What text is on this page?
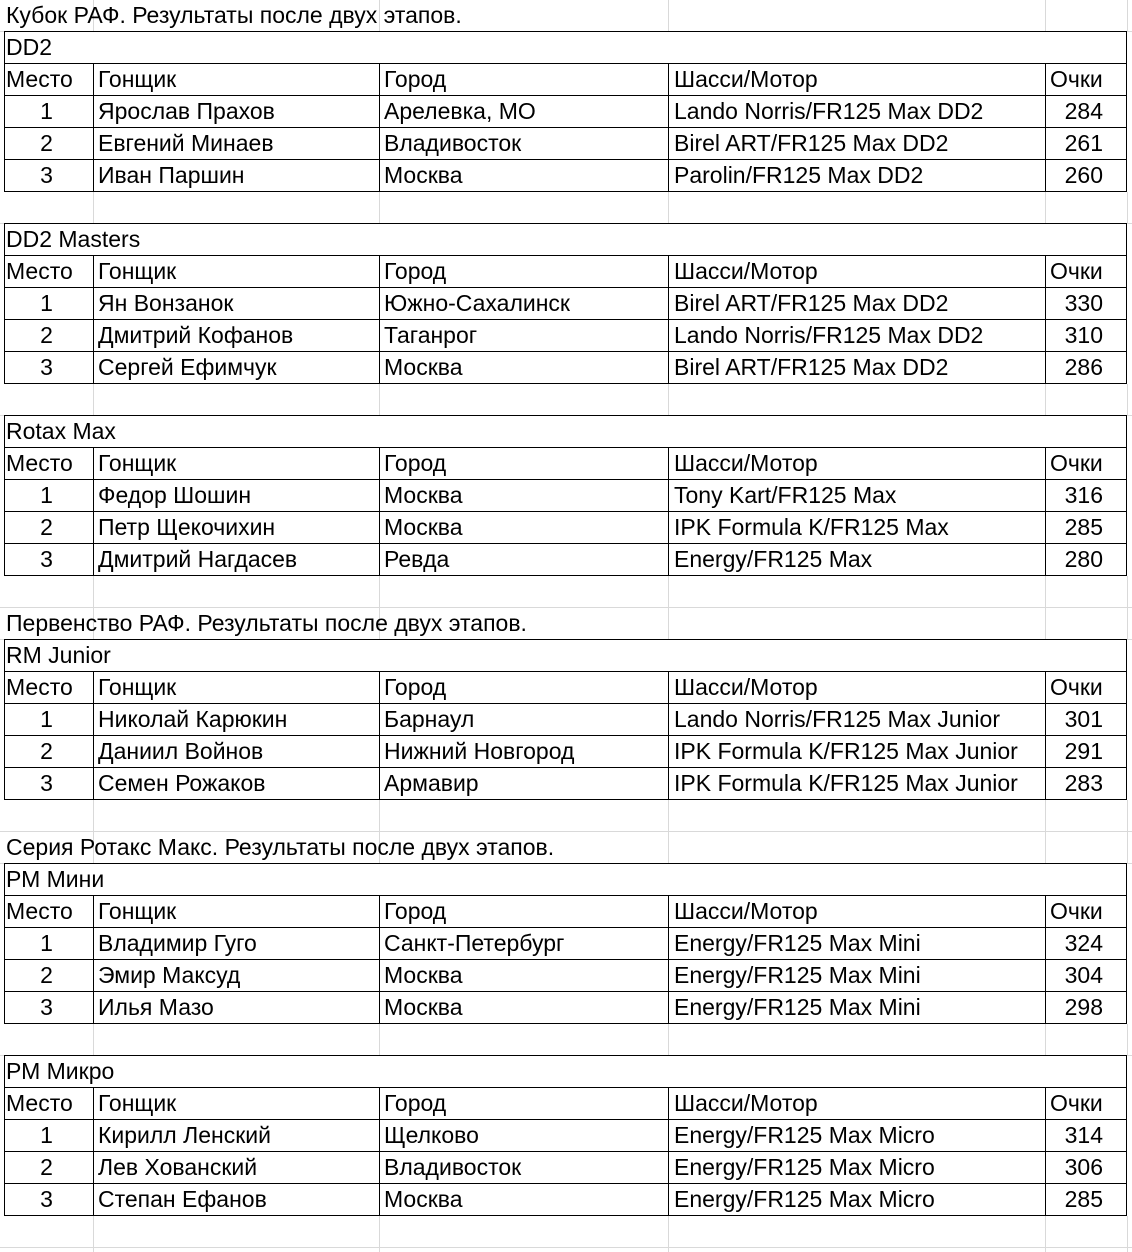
Кубок РАФ. Результаты после двух этапов.
DD2
Место	Гонщик	Город	Шасси/Мотор	Очки
1	Ярослав Прахов	Арелевка, МО	Lando Norris/FR125 Max DD2	284
2	Евгений Минаев	Владивосток	Birel ART/FR125 Max DD2	261
3	Иван Паршин	Москва	Parolin/FR125 Max DD2	260
DD2 Masters
Место	Гонщик	Город	Шасси/Мотор	Очки
1	Ян Вонзанок	Южно-Сахалинск	Birel ART/FR125 Max DD2	330
2	Дмитрий Кофанов	Таганрог	Lando Norris/FR125 Max DD2	310
3	Сергей Ефимчук	Москва	Birel ART/FR125 Max DD2	286
Rotax Max
Место	Гонщик	Город	Шасси/Мотор	Очки
1	Федор Шошин	Москва	Tony Kart/FR125 Max	316
2	Петр Щекочихин	Москва	IPK Formula K/FR125 Max	285
3	Дмитрий Нагдасев	Ревда	Energy/FR125 Max	280
Первенство РАФ. Результаты после двух этапов.
RM Junior
Место	Гонщик	Город	Шасси/Мотор	Очки
1	Николай Карюкин	Барнаул	Lando Norris/FR125 Max Junior	301
2	Даниил Войнов	Нижний Новгород	IPK Formula K/FR125 Max Junior	291
3	Семен Рожаков	Армавир	IPK Formula K/FR125 Max Junior	283
Серия Ротакс Макс. Результаты после двух этапов.
РМ Мини
Место	Гонщик	Город	Шасси/Мотор	Очки
1	Владимир Гуго	Санкт-Петербург	Energy/FR125 Max Mini	324
2	Эмир Максуд	Москва	Energy/FR125 Max Mini	304
3	Илья Мазо	Москва	Energy/FR125 Max Mini	298
РМ Микро
Место	Гонщик	Город	Шасси/Мотор	Очки
1	Кирилл Ленский	Щелково	Energy/FR125 Max Micro	314
2	Лев Хованский	Владивосток	Energy/FR125 Max Micro	306
3	Степан Ефанов	Москва	Energy/FR125 Max Micro	285
